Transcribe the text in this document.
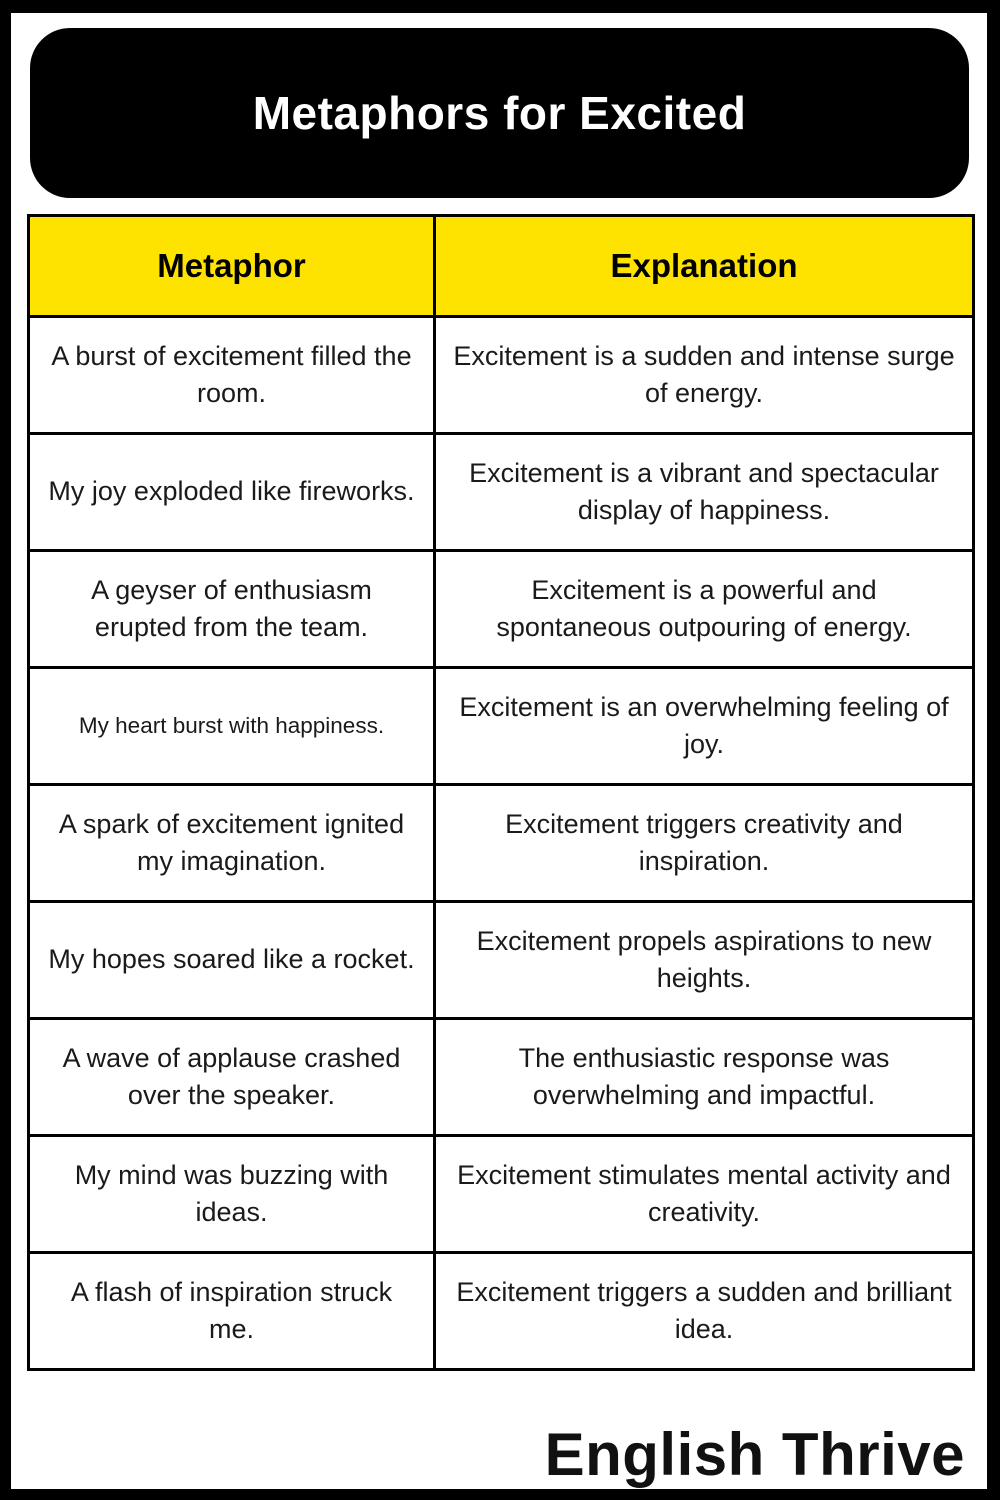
Metaphors for Excited
Metaphor	Explanation
A burst of excitement filled the room.	Excitement is a sudden and intense surge of energy.
My joy exploded like fireworks.	Excitement is a vibrant and spectacular display of happiness.
A geyser of enthusiasm erupted from the team.	Excitement is a powerful and spontaneous outpouring of energy.
My heart burst with happiness.	Excitement is an overwhelming feeling of joy.
A spark of excitement ignited my imagination.	Excitement triggers creativity and inspiration.
My hopes soared like a rocket.	Excitement propels aspirations to new heights.
A wave of applause crashed over the speaker.	The enthusiastic response was overwhelming and impactful.
My mind was buzzing with ideas.	Excitement stimulates mental activity and creativity.
A flash of inspiration struck me.	Excitement triggers a sudden and brilliant idea.
English Thrive
